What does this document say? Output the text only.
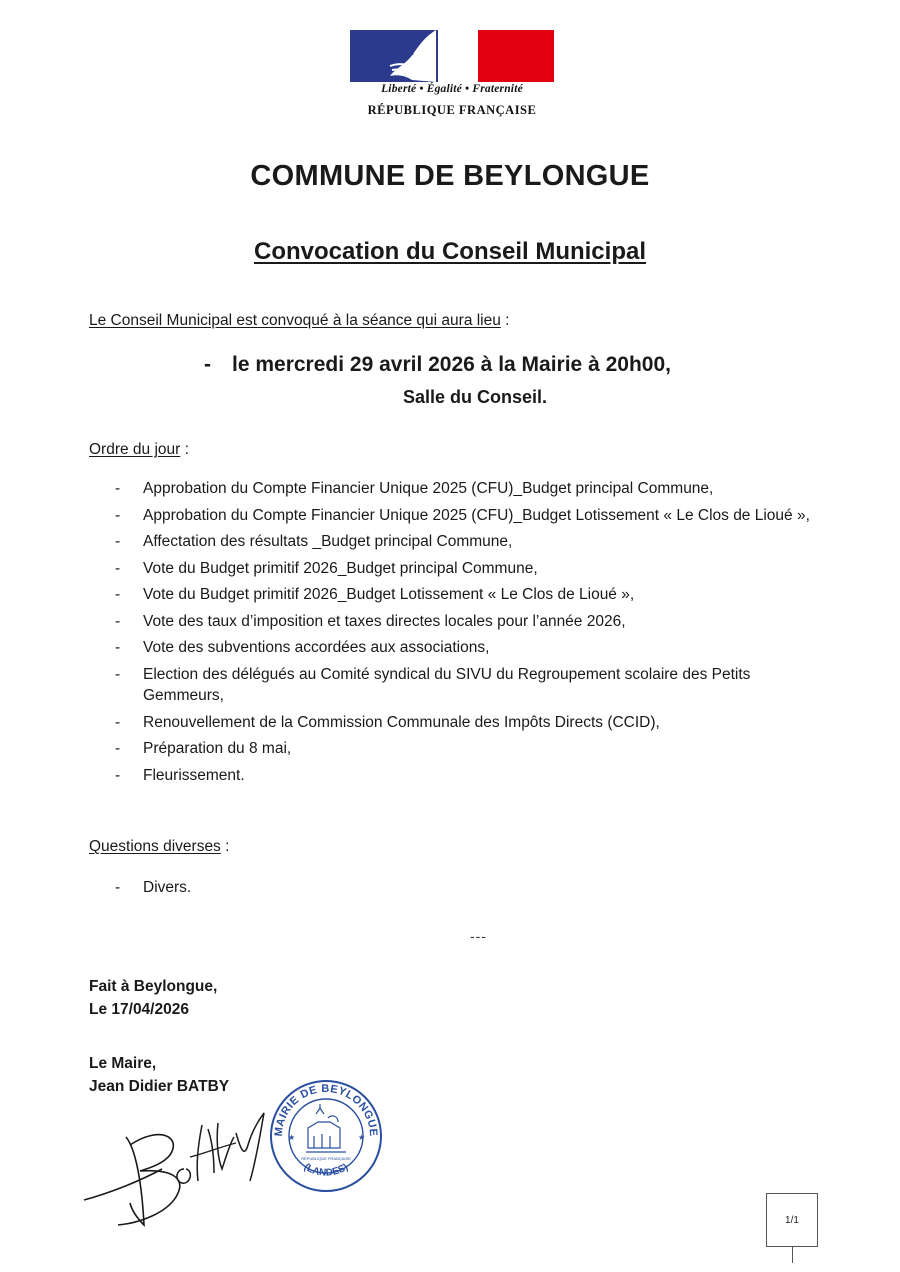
Liberté • Égalité • Fraternité
RÉPUBLIQUE FRANÇAISE
COMMUNE DE BEYLONGUE
Convocation du Conseil Municipal
Le Conseil Municipal est convoqué à la séance qui aura lieu :
- le mercredi 29 avril 2026 à la Mairie à 20h00,
Salle du Conseil.
Ordre du jour :
- Approbation du Compte Financier Unique 2025 (CFU)_Budget principal Commune,
- Approbation du Compte Financier Unique 2025 (CFU)_Budget Lotissement « Le Clos de Lioué »,
- Affectation des résultats _Budget principal Commune,
- Vote du Budget primitif 2026_Budget principal Commune,
- Vote du Budget primitif 2026_Budget Lotissement « Le Clos de Lioué »,
- Vote des taux d’imposition et taxes directes locales pour l’année 2026,
- Vote des subventions accordées aux associations,
- Election des délégués au Comité syndical du SIVU du Regroupement scolaire des Petits Gemmeurs,
- Renouvellement de la Commission Communale des Impôts Directs (CCID),
- Préparation du 8 mai,
- Fleurissement.
Questions diverses :
- Divers.
---
Fait à Beylongue,
Le 17/04/2026
Le Maire,
Jean Didier BATBY
MAIRIE DE BEYLONGUE
(LANDES)
RÉPUBLIQUE FRANÇAISE
★	★
1/1
